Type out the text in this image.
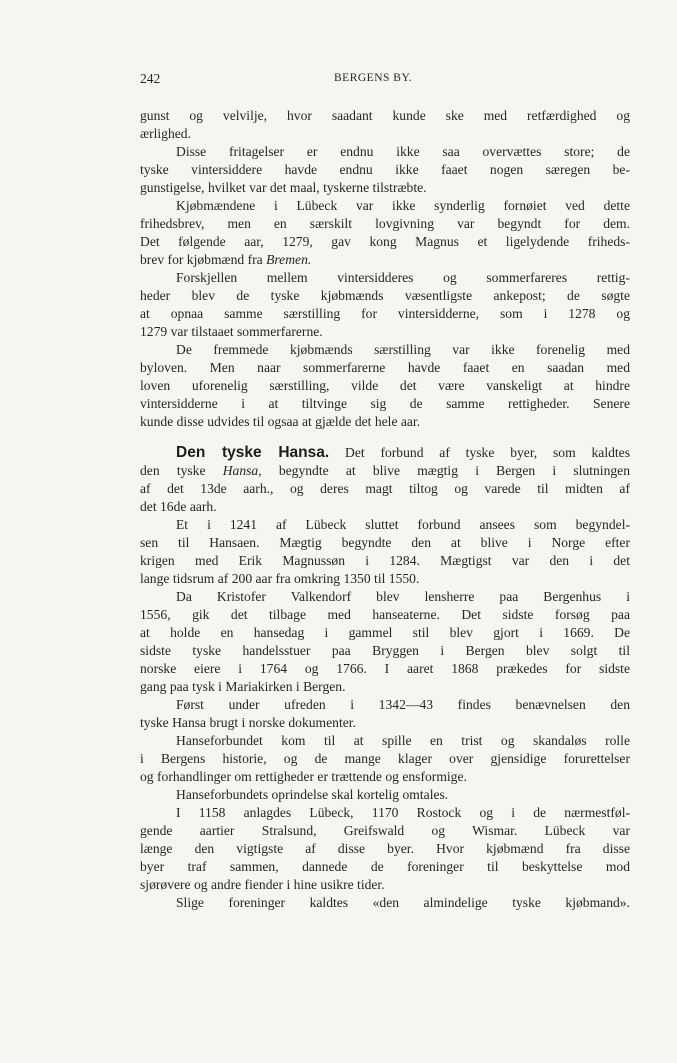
242	BERGENS BY.
gunst og velvilje, hvor saadant kunde ske med retfærdighed og
ærlighed.
Disse fritagelser er endnu ikke saa overvættes store; de
tyske vintersiddere havde endnu ikke faaet nogen særegen be-
gunstigelse, hvilket var det maal, tyskerne tilstræbte.
Kjøbmændene i Lübeck var ikke synderlig fornøiet ved dette
frihedsbrev, men en særskilt lovgivning var begyndt for dem.
Det følgende aar, 1279, gav kong Magnus et ligelydende friheds-
brev for kjøbmænd fra Bremen.
Forskjellen mellem vintersidderes og sommerfareres rettig-
heder blev de tyske kjøbmænds væsentligste ankepost; de søgte
at opnaa samme særstilling for vintersidderne, som i 1278 og
1279 var tilstaaet sommerfarerne.
De fremmede kjøbmænds særstilling var ikke forenelig med
byloven. Men naar sommerfarerne havde faaet en saadan med
loven uforenelig særstilling, vilde det være vanskeligt at hindre
vintersidderne i at tiltvinge sig de samme rettigheder. Senere
kunde disse udvides til ogsaa at gjælde det hele aar.
Den tyske Hansa. Det forbund af tyske byer, som kaldtes
den tyske Hansa, begyndte at blive mægtig i Bergen i slutningen
af det 13de aarh., og deres magt tiltog og varede til midten af
det 16de aarh.
Et i 1241 af Lübeck sluttet forbund ansees som begyndel-
sen til Hansaen. Mægtig begyndte den at blive i Norge efter
krigen med Erik Magnussøn i 1284. Mægtigst var den i det
lange tidsrum af 200 aar fra omkring 1350 til 1550.
Da Kristofer Valkendorf blev lensherre paa Bergenhus i
1556, gik det tilbage med hanseaterne. Det sidste forsøg paa
at holde en hansedag i gammel stil blev gjort i 1669. De
sidste tyske handelsstuer paa Bryggen i Bergen blev solgt til
norske eiere i 1764 og 1766. I aaret 1868 prækedes for sidste
gang paa tysk i Mariakirken i Bergen.
Først under ufreden i 1342—43 findes benævnelsen den
tyske Hansa brugt i norske dokumenter.
Hanseforbundet kom til at spille en trist og skandaløs rolle
i Bergens historie, og de mange klager over gjensidige forurettelser
og forhandlinger om rettigheder er trættende og ensformige.
Hanseforbundets oprindelse skal kortelig omtales.
I 1158 anlagdes Lübeck, 1170 Rostock og i de nærmestføl-
gende aartier Stralsund, Greifswald og Wismar. Lübeck var
længe den vigtigste af disse byer. Hvor kjøbmænd fra disse
byer traf sammen, dannede de foreninger til beskyttelse mod
sjørøvere og andre fiender i hine usikre tider.
Slige foreninger kaldtes «den almindelige tyske kjøbmand».
